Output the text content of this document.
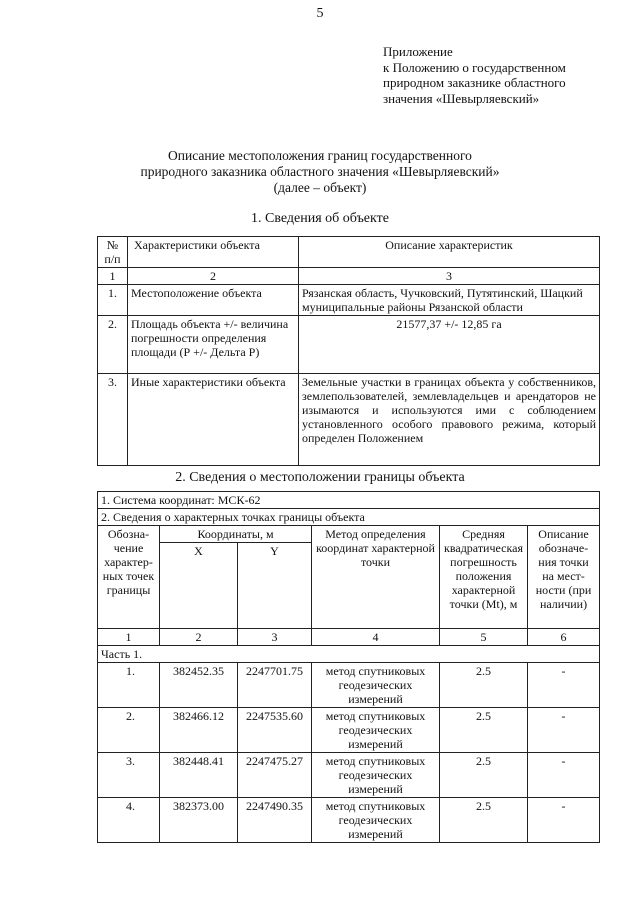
5
Приложение
к Положению о государственном
природном заказнике областного
значения «Шевырляевский»
Описание местоположения границ государственного
природного заказника областного значения «Шевырляевский»
(далее – объект)
1. Сведения об объекте
№ п/п	Характеристики объекта	Описание характеристик
1	2	3
1.	Местоположение объекта	Рязанская область, Чучковский, Путятинский, Шацкий муниципальные районы Рязанской области
2.	Площадь объекта +/- величина погрешности определения площади (Р +/- Дельта Р)	21577,37 +/- 12,85 га
3.	Иные характеристики объекта	Земельные участки в границах объекта у собственников, землепользователей, землевладельцев и арендаторов не изымаются и используются ими с соблюдением установленного особого правового режима, который определен Положением
2. Сведения о местоположении границы объекта
1. Система координат: МСК-62					
2. Сведения о характерных точках границы объекта					
Обозна-чение характер-ных точек границы	Координаты, м		Метод определения координат характерной точки	Средняя квадратическая погрешность положения характерной точки (Mt), м	Описание обозначе-ния точки на мест-ности (при наличии)
	X	Y			
1	2	3	4	5	6
Часть 1.					
1.	382452.35	2247701.75	метод спутниковых геодезических измерений	2.5	-
2.	382466.12	2247535.60	метод спутниковых геодезических измерений	2.5	-
3.	382448.41	2247475.27	метод спутниковых геодезических измерений	2.5	-
4.	382373.00	2247490.35	метод спутниковых геодезических измерений	2.5	-
